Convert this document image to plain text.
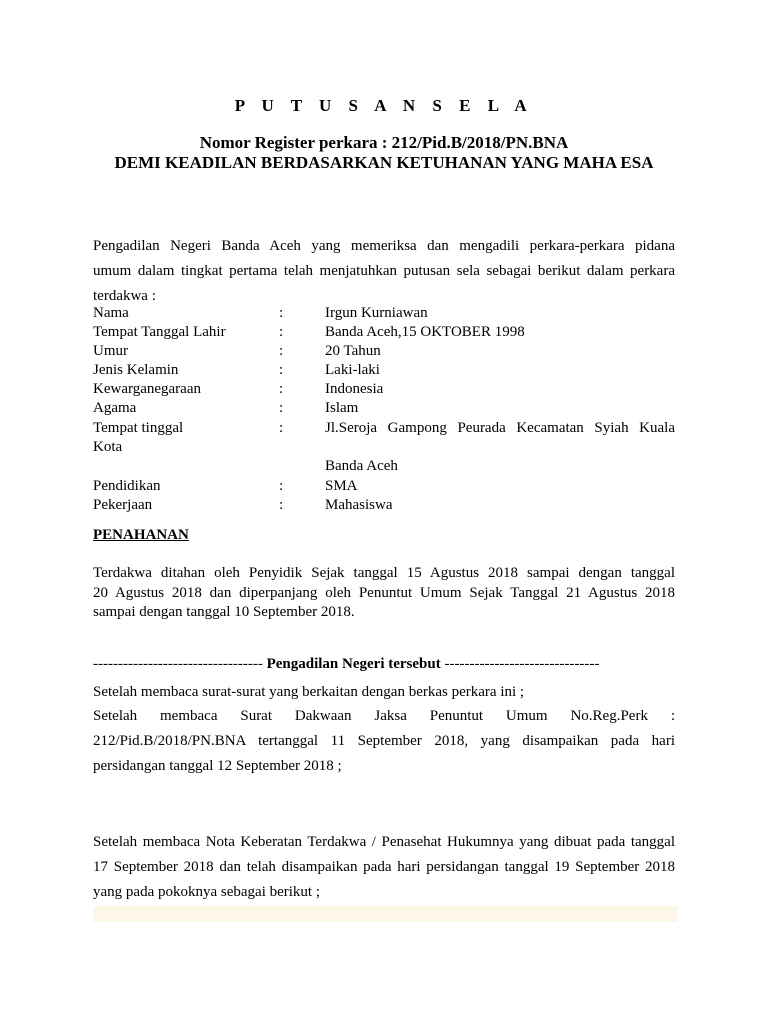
P U T U S A N S E L A
Nomor Register perkara : 212/Pid.B/2018/PN.BNA
DEMI KEADILAN BERDASARKAN KETUHANAN YANG MAHA ESA
Pengadilan Negeri Banda Aceh yang memeriksa dan mengadili perkara-perkara pidana
umum dalam tingkat pertama telah menjatuhkan putusan sela sebagai berikut dalam perkara
terdakwa :
Nama	:	Irgun Kurniawan
Tempat Tanggal Lahir	:	Banda Aceh,15 OKTOBER 1998
Umur	:	20 Tahun
Jenis Kelamin	:	Laki-laki
Kewarganegaraan	:	Indonesia
Agama	:	Islam
Tempat tinggal	:	Jl.Seroja Gampong Peurada Kecamatan Syiah Kuala
Kota
Banda Aceh
Pendidikan	:	SMA
Pekerjaan	:	Mahasiswa
PENAHANAN
Terdakwa ditahan oleh Penyidik Sejak tanggal 15 Agustus 2018 sampai dengan tanggal
20 Agustus 2018 dan diperpanjang oleh Penuntut Umum Sejak Tanggal 21 Agustus 2018
sampai dengan tanggal 10 September 2018.
---------------------------------- Pengadilan Negeri tersebut -------------------------------
Setelah membaca surat-surat yang berkaitan dengan berkas perkara ini ;
Setelah membaca Surat Dakwaan Jaksa Penuntut Umum No.Reg.Perk :
212/Pid.B/2018/PN.BNA tertanggal 11 September 2018, yang disampaikan pada hari
persidangan tanggal 12 September 2018 ;
Setelah membaca Nota Keberatan Terdakwa / Penasehat Hukumnya yang dibuat pada tanggal
17 September 2018 dan telah disampaikan pada hari persidangan tanggal 19 September 2018
yang pada pokoknya sebagai berikut ;
